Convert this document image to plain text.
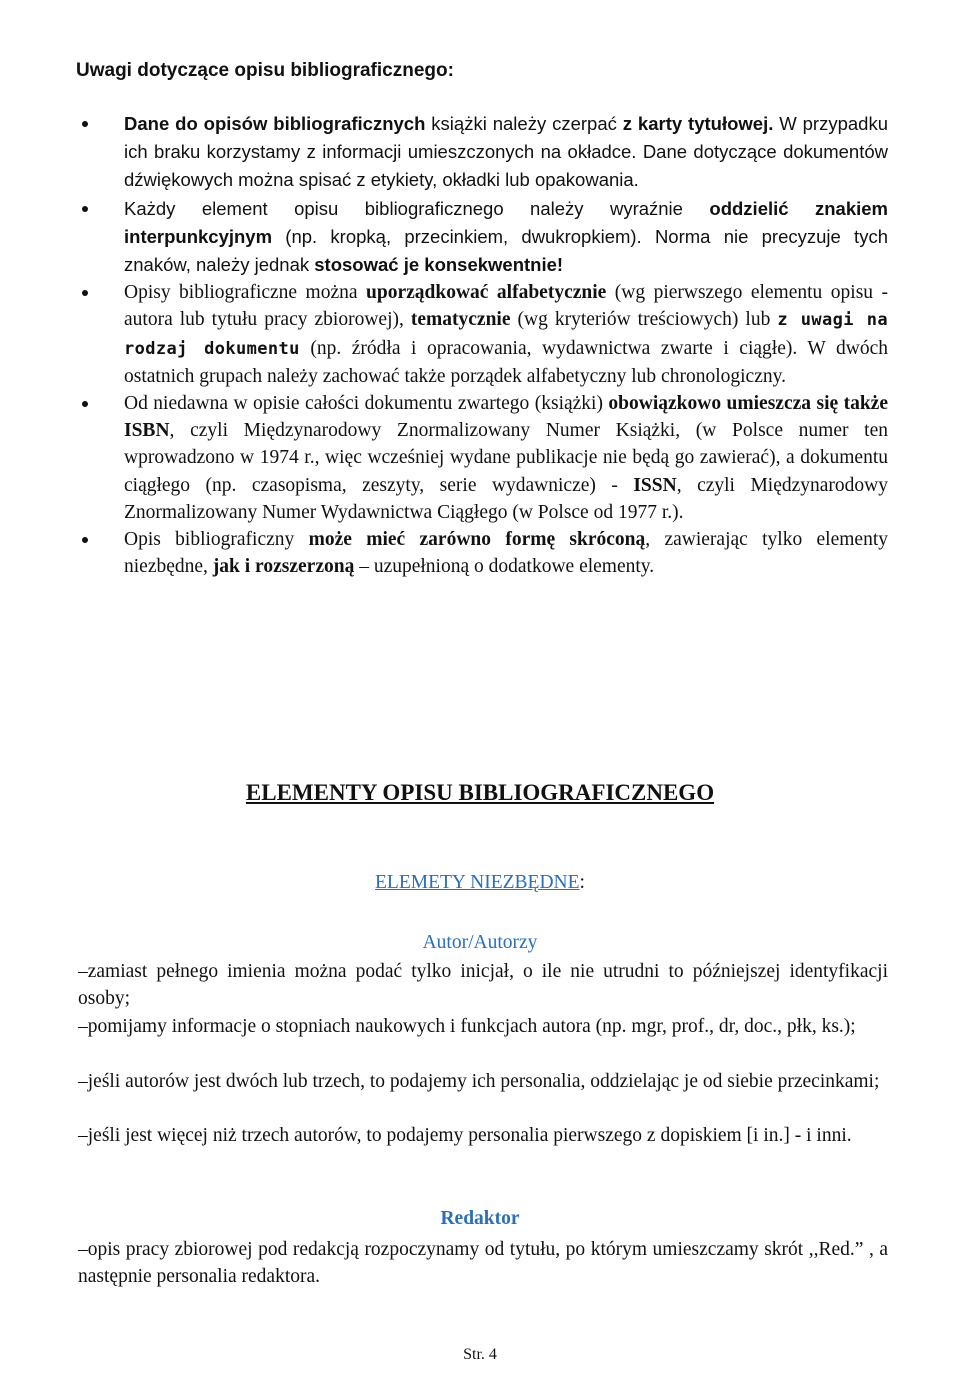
Uwagi dotyczące opisu bibliograficznego:
Dane do opisów bibliograficznych książki należy czerpać z karty tytułowej. W przypadku ich braku korzystamy z informacji umieszczonych na okładce. Dane dotyczące dokumentów dźwiękowych można spisać z etykiety, okładki lub opakowania.
Każdy element opisu bibliograficznego należy wyraźnie oddzielić znakiem interpunkcyjnym (np. kropką, przecinkiem, dwukropkiem). Norma nie precyzuje tych znaków, należy jednak stosować je konsekwentnie!
Opisy bibliograficzne można uporządkować alfabetycznie (wg pierwszego elementu opisu - autora lub tytułu pracy zbiorowej), tematycznie (wg kryteriów treściowych) lub z uwagi na rodzaj dokumentu (np. źródła i opracowania, wydawnictwa zwarte i ciągłe). W dwóch ostatnich grupach należy zachować także porządek alfabetyczny lub chronologiczny.
Od niedawna w opisie całości dokumentu zwartego (książki) obowiązkowo umieszcza się także ISBN, czyli Międzynarodowy Znormalizowany Numer Książki, (w Polsce numer ten wprowadzono w 1974 r., więc wcześniej wydane publikacje nie będą go zawierać), a dokumentu ciągłego (np. czasopisma, zeszyty, serie wydawnicze) - ISSN, czyli Międzynarodowy Znormalizowany Numer Wydawnictwa Ciągłego (w Polsce od 1977 r.).
Opis bibliograficzny może mieć zarówno formę skróconą, zawierając tylko elementy niezbędne, jak i rozszerzoną – uzupełnioną o dodatkowe elementy.
ELEMENTY OPISU BIBLIOGRAFICZNEGO
ELEMETY NIEZBĘDNE:
Autor/Autorzy
–zamiast pełnego imienia można podać tylko inicjał, o ile nie utrudni to późniejszej identyfikacji osoby;
–pomijamy informacje o stopniach naukowych i funkcjach autora (np. mgr, prof., dr, doc., płk, ks.);
–jeśli autorów jest dwóch lub trzech, to podajemy ich personalia, oddzielając je od siebie przecinkami;
–jeśli jest więcej niż trzech autorów, to podajemy personalia pierwszego z dopiskiem [i in.] - i inni.
Redaktor
–opis pracy zbiorowej pod redakcją rozpoczynamy od tytułu, po którym umieszczamy skrót ,,Red.” , a następnie personalia redaktora.
Str. 4
